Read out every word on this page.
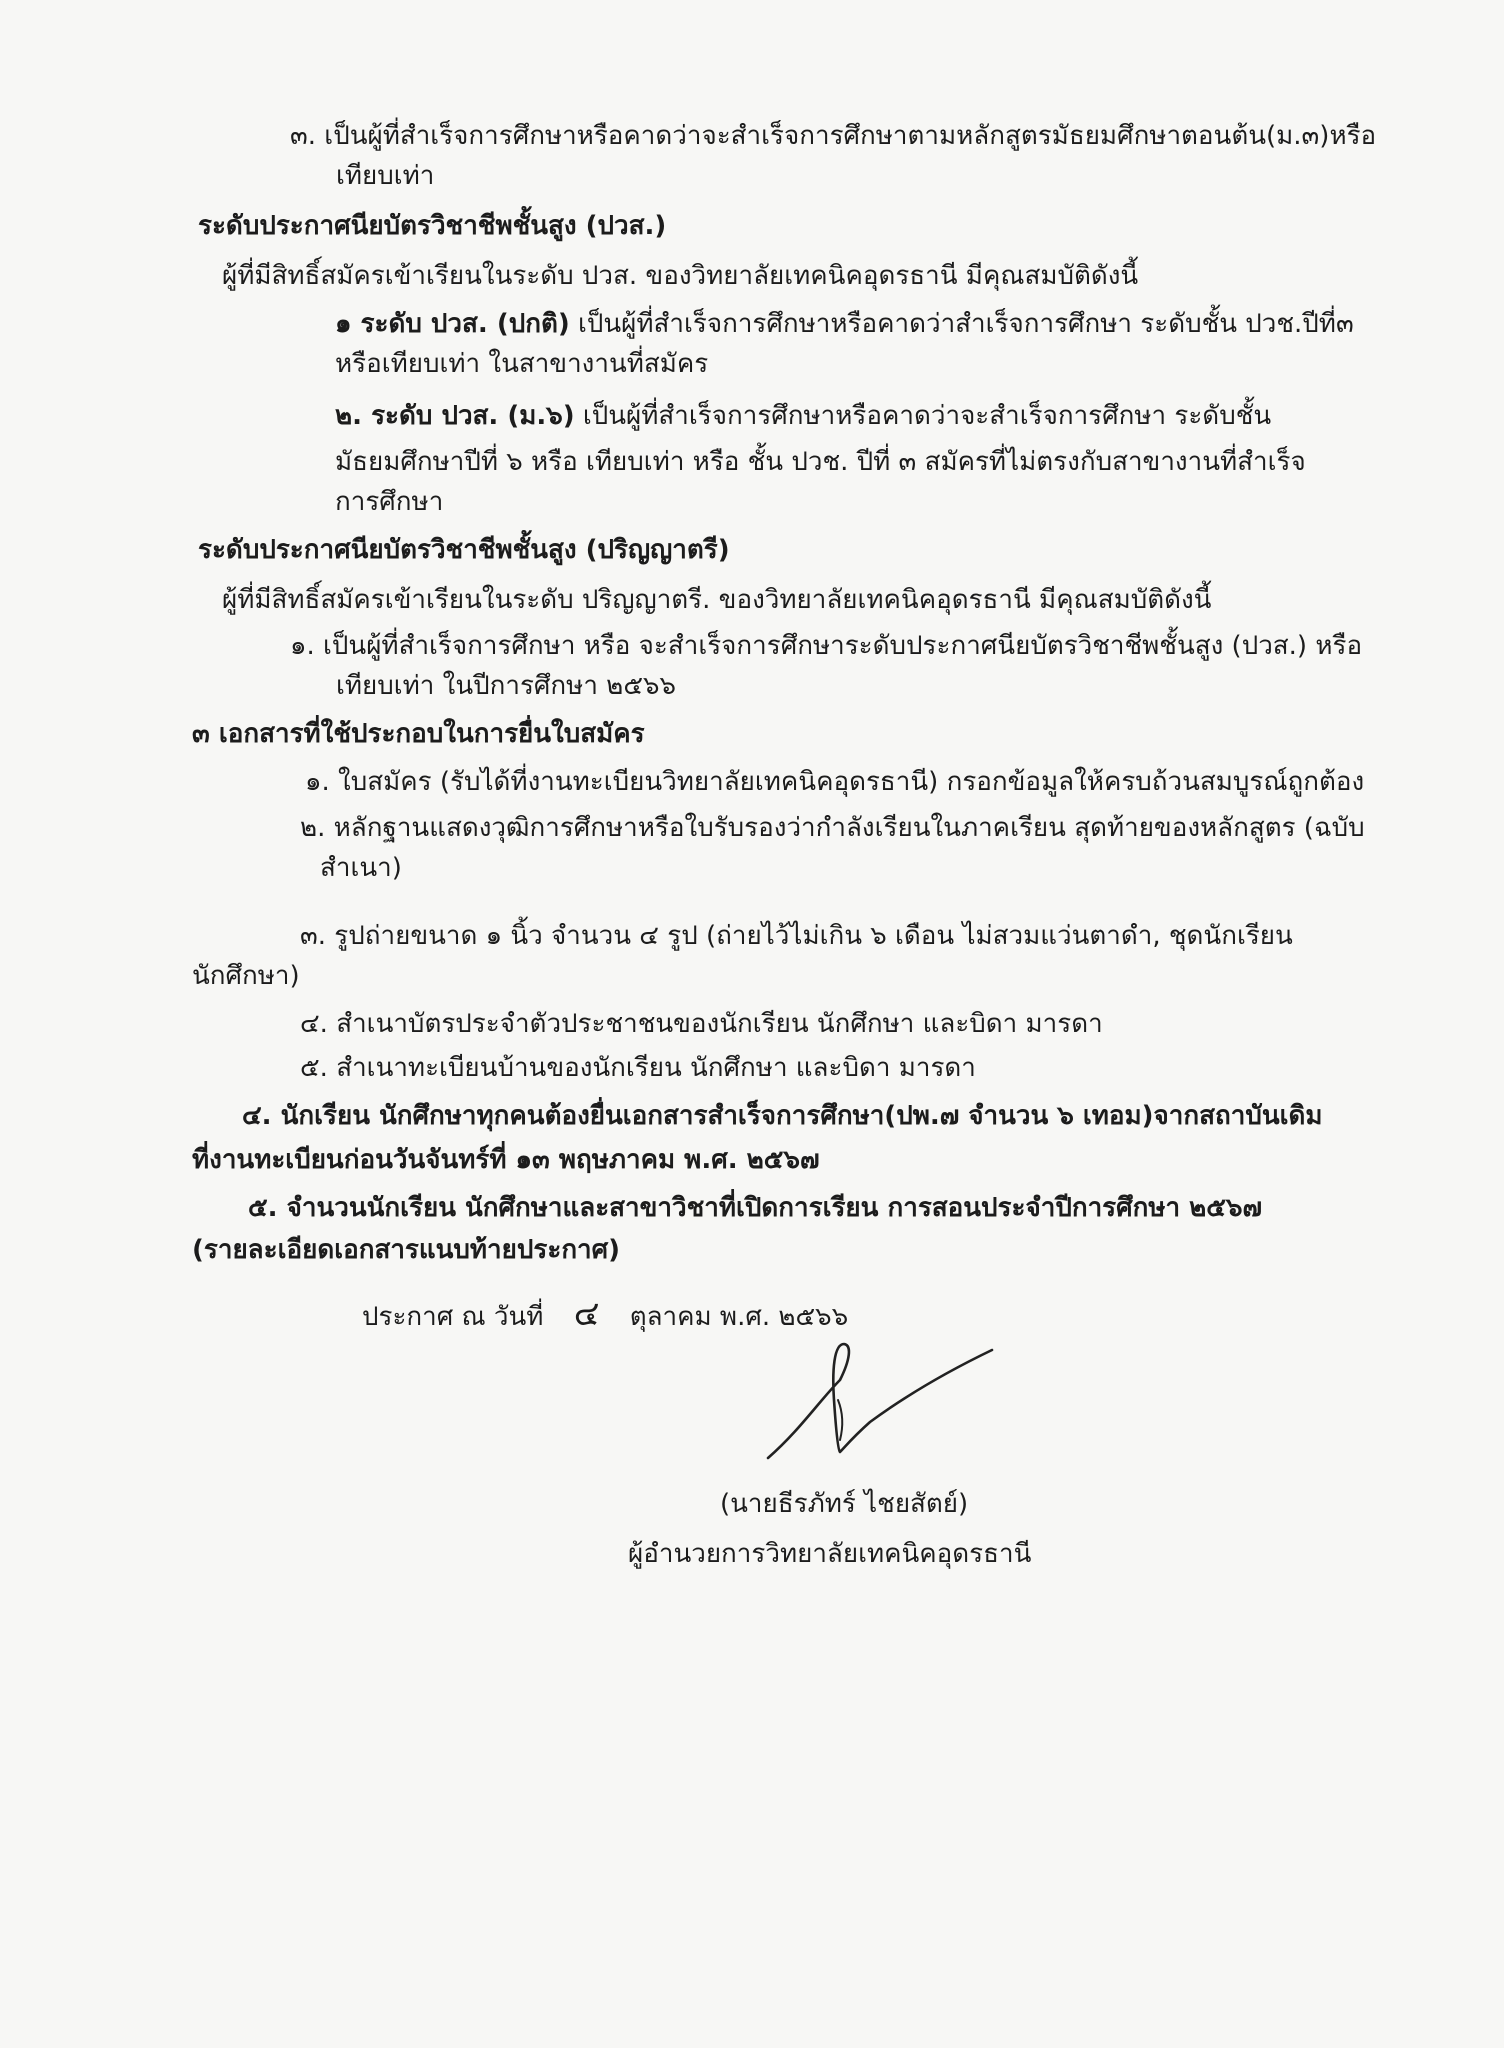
๓. เป็นผู้ที่สำเร็จการศึกษาหรือคาดว่าจะสำเร็จการศึกษาตามหลักสูตรมัธยมศึกษาตอนต้น(ม.๓)หรือ
เทียบเท่า
ระดับประกาศนียบัตรวิชาชีพชั้นสูง (ปวส.)
ผู้ที่มีสิทธิ์สมัครเข้าเรียนในระดับ ปวส. ของวิทยาลัยเทคนิคอุดรธานี มีคุณสมบัติดังนี้
๑ ระดับ ปวส. (ปกติ) เป็นผู้ที่สำเร็จการศึกษาหรือคาดว่าสำเร็จการศึกษา ระดับชั้น ปวช.ปีที่๓
หรือเทียบเท่า ในสาขางานที่สมัคร
๒. ระดับ ปวส. (ม.๖) เป็นผู้ที่สำเร็จการศึกษาหรือคาดว่าจะสำเร็จการศึกษา ระดับชั้น
มัธยมศึกษาปีที่ ๖ หรือ เทียบเท่า หรือ ชั้น ปวช. ปีที่ ๓ สมัครที่ไม่ตรงกับสาขางานที่สำเร็จ
การศึกษา
ระดับประกาศนียบัตรวิชาชีพชั้นสูง (ปริญญาตรี)
ผู้ที่มีสิทธิ์สมัครเข้าเรียนในระดับ ปริญญาตรี. ของวิทยาลัยเทคนิคอุดรธานี มีคุณสมบัติดังนี้
๑. เป็นผู้ที่สำเร็จการศึกษา หรือ จะสำเร็จการศึกษาระดับประกาศนียบัตรวิชาชีพชั้นสูง (ปวส.) หรือ
เทียบเท่า ในปีการศึกษา ๒๕๖๖
๓ เอกสารที่ใช้ประกอบในการยื่นใบสมัคร
๑. ใบสมัคร (รับได้ที่งานทะเบียนวิทยาลัยเทคนิคอุดรธานี) กรอกข้อมูลให้ครบถ้วนสมบูรณ์ถูกต้อง
๒. หลักฐานแสดงวุฒิการศึกษาหรือใบรับรองว่ากำลังเรียนในภาคเรียน สุดท้ายของหลักสูตร (ฉบับ
สำเนา)
๓. รูปถ่ายขนาด ๑ นิ้ว จำนวน ๔ รูป (ถ่ายไว้ไม่เกิน ๖ เดือน ไม่สวมแว่นตาดำ, ชุดนักเรียน
นักศึกษา)
๔. สำเนาบัตรประจำตัวประชาชนของนักเรียน นักศึกษา และบิดา มารดา
๕. สำเนาทะเบียนบ้านของนักเรียน นักศึกษา และบิดา มารดา
๔. นักเรียน นักศึกษาทุกคนต้องยื่นเอกสารสำเร็จการศึกษา(ปพ.๗ จำนวน ๖ เทอม)จากสถาบันเดิม
ที่งานทะเบียนก่อนวันจันทร์ที่ ๑๓ พฤษภาคม พ.ศ. ๒๕๖๗
๕. จำนวนนักเรียน นักศึกษาและสาขาวิชาที่เปิดการเรียน การสอนประจำปีการศึกษา ๒๕๖๗
(รายละเอียดเอกสารแนบท้ายประกาศ)
ประกาศ ณ วันที่ ๔ ตุลาคม พ.ศ. ๒๕๖๖
(นายธีรภัทร์ ไชยสัตย์)
ผู้อำนวยการวิทยาลัยเทคนิคอุดรธานี
